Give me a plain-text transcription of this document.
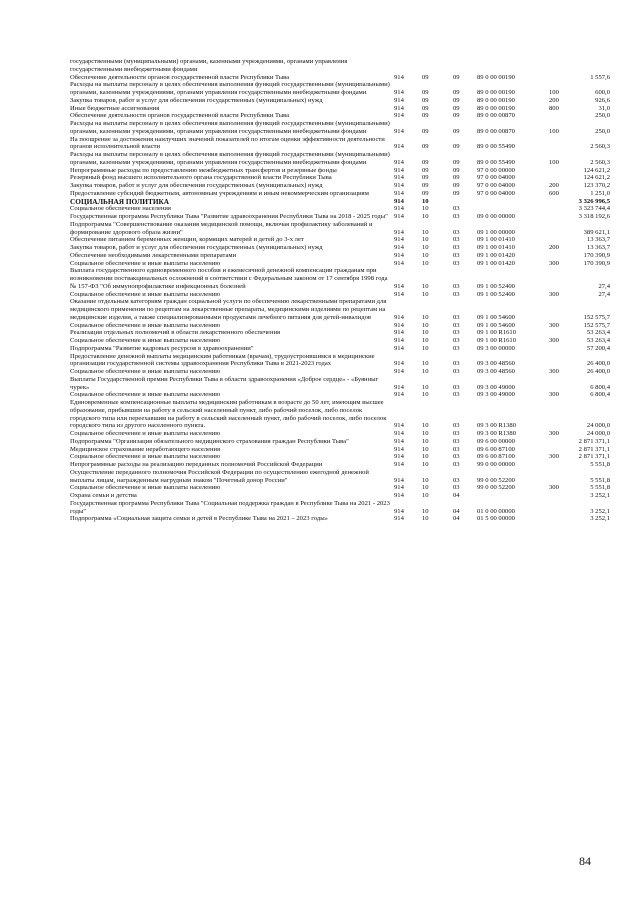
государственными (муниципальными) органами, казенными учреждениями, органами управления государственными внебюджетными фондами						
Обеспечение деятельности органов государственной власти Республики Тыва	914	09	09	89 0 00 00190		1 557,6
Расходы на выплаты персоналу в целях обеспечения выполнения функций государственными (муниципальными) органами, казенными учреждениями, органами управления государственными внебюджетными фондами	914	09	09	89 0 00 00190	100	600,0
Закупка товаров, работ и услуг для обеспечения государственных (муниципальных) нужд	914	09	09	89 0 00 00190	200	926,6
Иные бюджетные ассигнования	914	09	09	89 0 00 00190	800	31,0
Обеспечение деятельности органов государственной власти Республики Тыва	914	09	09	89 0 00 00870		250,0
Расходы на выплаты персоналу в целях обеспечения выполнения функций государственными (муниципальными) органами, казенными учреждениями, органами управления государственными внебюджетными фондами	914	09	09	89 0 00 00870	100	250,0
На поощрение за достижения наилучших значений показателей по итогам оценки эффективности деятельности органов исполнительной власти	914	09	09	89 0 00 55490		2 560,3
Расходы на выплаты персоналу в целях обеспечения выполнения функций государственными (муниципальными) органами, казенными учреждениями, органами управления государственными внебюджетными фондами	914	09	09	89 0 00 55490	100	2 560,3
Непрограммные расходы по предоставлению межбюджетных трансфертов и резервные фонды	914	09	09	97 0 00 00000		124 621,2
Резервный фонд высшего исполнительного органа государственной власти Республики Тыва	914	09	09	97 0 00 04000		124 621,2
Закупка товаров, работ и услуг для обеспечения государственных (муниципальных) нужд	914	09	09	97 0 00 04000	200	123 370,2
Предоставление субсидий бюджетным, автономным учреждениям и иным некоммерческим организациям	914	09	09	97 0 00 04000	600	1 251,0
СОЦИАЛЬНАЯ ПОЛИТИКА	914	10				3 326 996,5
Социальное обеспечение населения	914	10	03			3 323 744,4
Государственная программа Республики Тыва "Развитие здравоохранения Республики Тыва на 2018 - 2025 годы"	914	10	03	09 0 00 00000		3 318 192,6
Подпрограмма "Совершенствование оказания медицинской помощи, включая профилактику заболеваний и формирование здорового образа жизни"	914	10	03	09 1 00 00000		389 621,1
Обеспечение питанием беременных женщин, кормящих матерей и детей до 3-х лет	914	10	03	09 1 00 01410		13 363,7
Закупка товаров, работ и услуг для обеспечения государственных (муниципальных) нужд	914	10	03	09 1 00 01410	200	13 363,7
Обеспечение необходимыми лекарственными препаратами	914	10	03	09 1 00 01420		170 390,9
Социальное обеспечение и иные выплаты населению	914	10	03	09 1 00 01420	300	170 390,9
Выплата государственного единовременного пособия и ежемесячной денежной компенсации гражданам при возникновении поствакцинальных осложнений в соответствии с Федеральным законом от 17 сентября 1998 года № 157-ФЗ "Об иммунопрофилактике инфекционных болезней	914	10	03	09 1 00 52400		27,4
Социальное обеспечение и иные выплаты населению	914	10	03	09 1 00 52400	300	27,4
Оказание отдельным категориям граждан социальной услуги по обеспечению лекарственными препаратами для медицинского применения по рецептам на лекарственные препараты, медицинскими изделиями по рецептам на медицинские изделия, а также специализированными продуктами лечебного питания для детей-инвалидов	914	10	03	09 1 00 54600		152 575,7
Социальное обеспечение и иные выплаты населению	914	10	03	09 1 00 54600	300	152 575,7
Реализация отдельных полномочий в области лекарственного обеспечения	914	10	03	09 1 00 R1610		53 263,4
Социальное обеспечение и иные выплаты населению	914	10	03	09 1 00 R1610	300	53 263,4
Подпрограмма "Развитие кадровых ресурсов в здравоохранении"	914	10	03	09 3 00 00000		57 200,4
Предоставление денежной выплаты медицинским работникам (врачам), трудоустроившимся в медицинские организации государственной системы здравоохранения Республики Тыва в 2021-2023 годах	914	10	03	09 3 00 48560		26 400,0
Социальное обеспечение и иные выплаты населению	914	10	03	09 3 00 48560	300	26 400,0
Выплаты Государственной премии Республики Тыва в области здравоохранения «Доброе сердце» - «Буянныг чурек»	914	10	03	09 3 00 49000		6 800,4
Социальное обеспечение и иные выплаты населению	914	10	03	09 3 00 49000	300	6 800,4
Единовременные компенсационные выплаты медицинским работникам в возрасте до 50 лет, имеющим высшее образование, прибывшим на работу в сельский населенный пункт, либо рабочий поселок, либо поселок городского типа или переехавшим на работу в сельский населенный пункт, либо рабочий поселок, либо поселок городского типа из другого населенного пункта.	914	10	03	09 3 00 R1380		24 000,0
Социальное обеспечение и иные выплаты населению	914	10	03	09 3 00 R1380	300	24 000,0
Подпрограмма "Организация обязательного медицинского страхования граждан Республики Тыва"	914	10	03	09 6 00 00000		2 871 371,1
Медицинское страхование неработающего населения	914	10	03	09 6 00 87100		2 871 371,1
Социальное обеспечение и иные выплаты населению	914	10	03	09 6 00 87100	300	2 871 371,1
Непрограммные расходы на реализацию переданных полномочий Российской Федерации	914	10	03	99 0 00 00000		5 551,8
Осуществление переданного полномочия Российской Федерации по осуществлению ежегодной денежной выплаты лицам, награжденным нагрудным знаком "Почетный донор России"	914	10	03	99 0 00 52200		5 551,8
Социальное обеспечение и иные выплаты населению	914	10	03	99 0 00 52200	300	5 551,8
Охрана семьи и детства	914	10	04			3 252,1
Государственная программа Республики Тыва "Социальная поддержка граждан в Республике Тыва на 2021 - 2023 годы"	914	10	04	01 0 00 00000		3 252,1
Подпрограмма «Социальная защита семьи и детей в Республике Тыва на 2021 – 2023 годы»	914	10	04	01 5 00 00000		3 252,1
84
